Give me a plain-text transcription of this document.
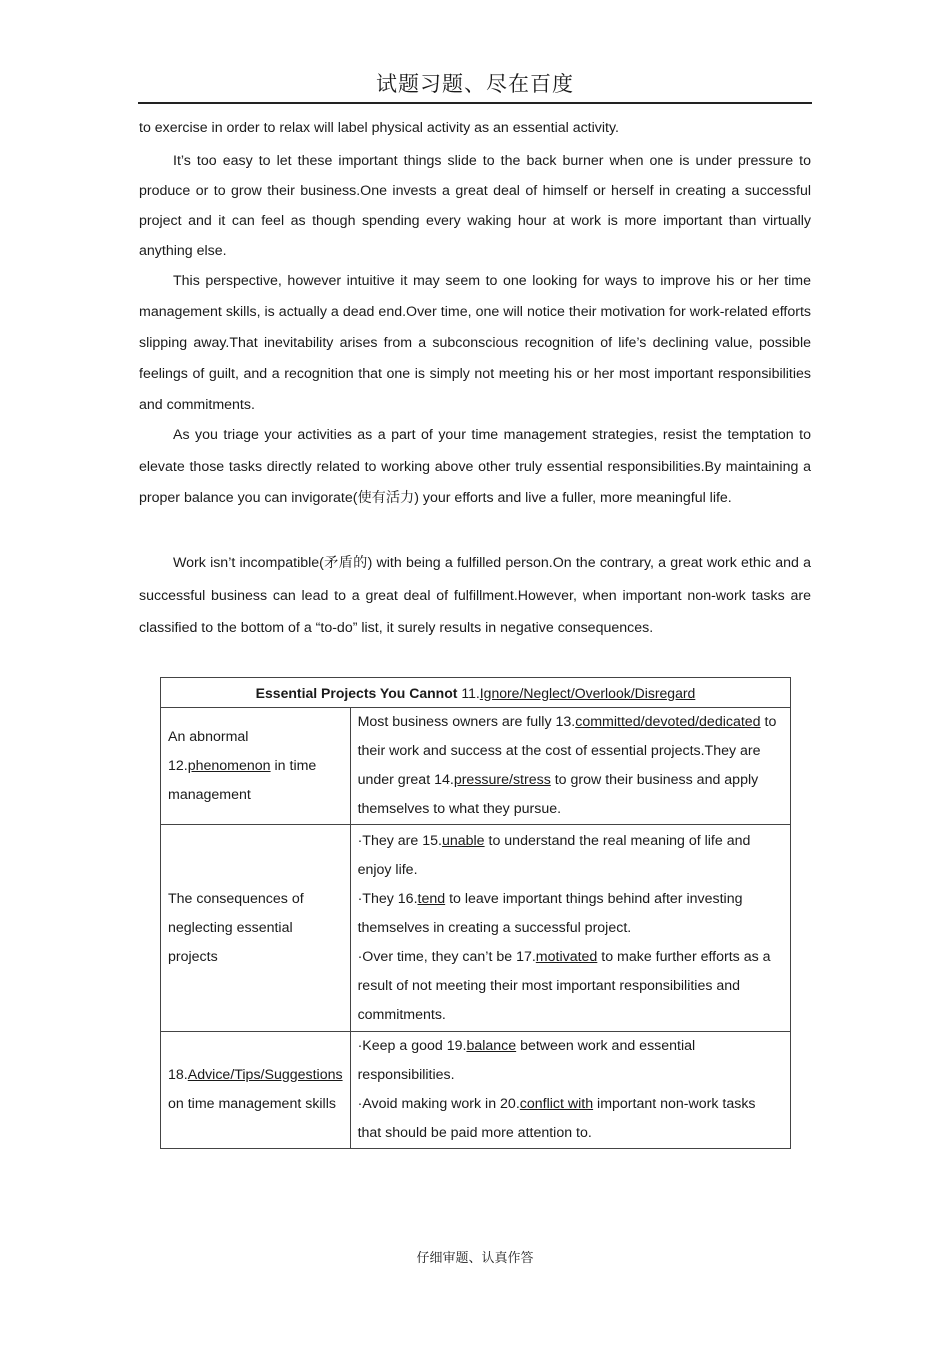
试题习题、尽在百度

to exercise in order to relax will label physical activity as an essential activity.

It’s too easy to let these important things slide to the back burner when one is under pressure to produce or to grow their business.One invests a great deal of himself or herself in creating a successful project and it can feel as though spending every waking hour at work is more important than virtually anything else.

This perspective, however intuitive it may seem to one looking for ways to improve his or her time management skills, is actually a dead end.Over time, one will notice their motivation for work-related efforts slipping away.That inevitability arises from a subconscious recognition of life’s declining value, possible feelings of guilt, and a recognition that one is simply not meeting his or her most important responsibilities and commitments.

As you triage your activities as a part of your time management strategies, resist the temptation to elevate those tasks directly related to working above other truly essential responsibilities.By maintaining a proper balance you can invigorate(使有活力) your efforts and live a fuller, more meaningful life.

Work isn’t incompatible(矛盾的) with being a fulfilled person.On the contrary, a great work ethic and a successful business can lead to a great deal of fulfillment.However, when important non-work tasks are classified to the bottom of a “to-do” list, it surely results in negative consequences.

Essential Projects You Cannot 11.Ignore/Neglect/Overlook/Disregard	
An abnormal 12.phenomenon in time management	Most business owners are fully 13.committed/devoted/dedicated to their work and success at the cost of essential projects.They are under great 14.pressure/stress to grow their business and apply themselves to what they pursue.
The consequences of neglecting essential projects	·They are 15.unable to understand the real meaning of life and enjoy life.
·They 16.tend to leave important things behind after investing themselves in creating a successful project.
·Over time, they can’t be 17.motivated to make further efforts as a result of not meeting their most important responsibilities and commitments.

18.Advice/Tips/Suggestions on time management skills	·Keep a good 19.balance between work and essential responsibilities.
·Avoid making work in 20.conflict with important non-work tasks that should be paid more attention to.
仔细审题、认真作答
